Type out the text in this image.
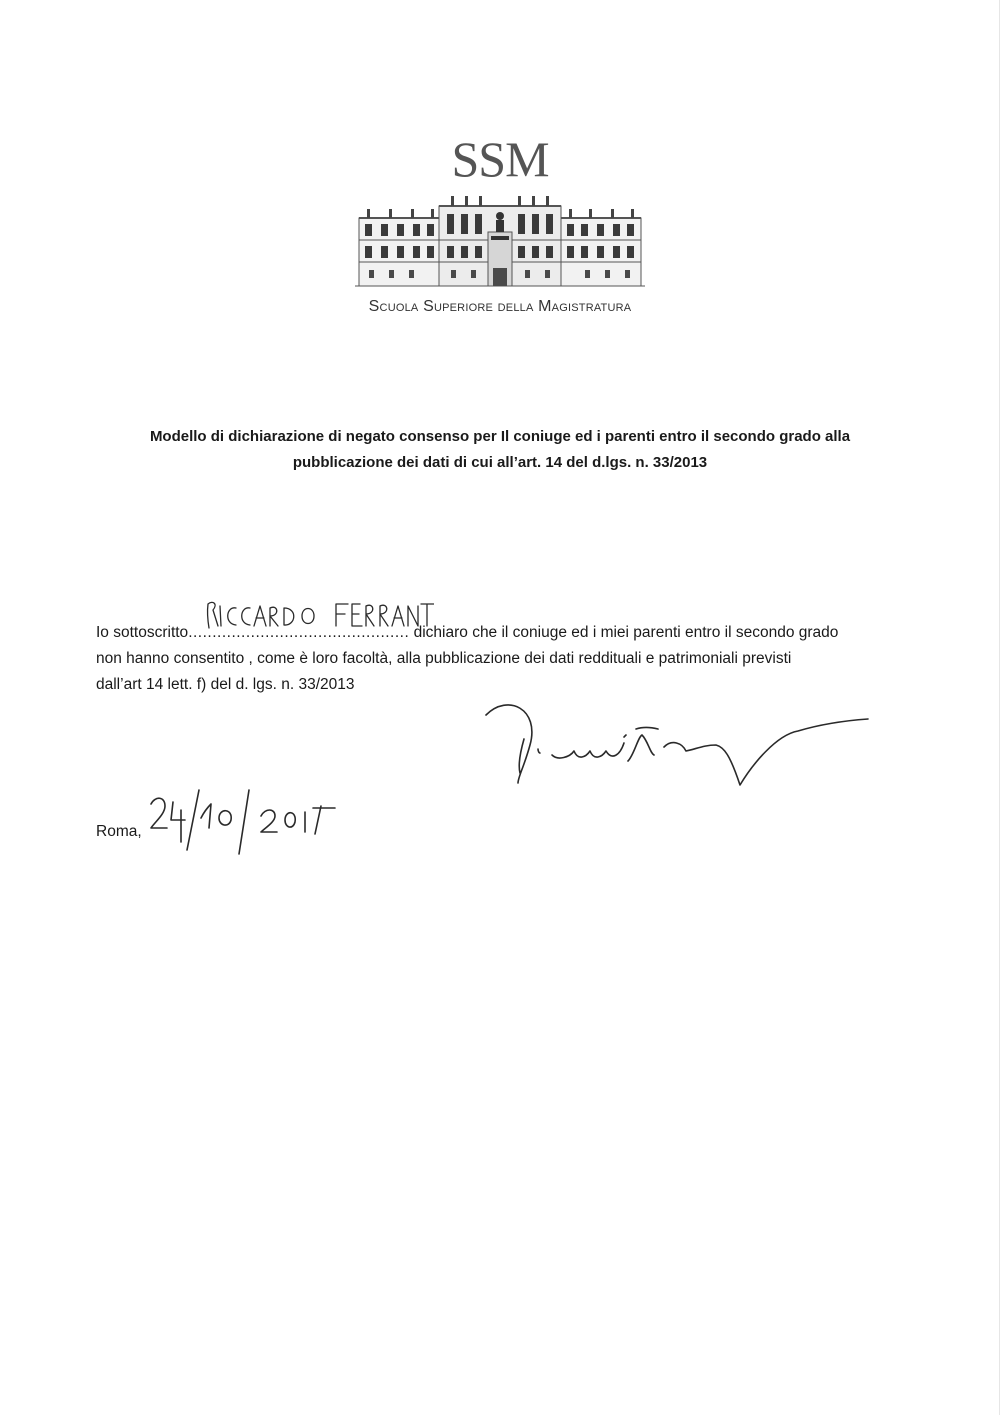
SSM
Scuola Superiore della Magistratura
Modello di dichiarazione di negato consenso per Il coniuge ed i parenti entro il secondo grado alla
pubblicazione dei dati di cui all’art. 14 del d.lgs. n. 33/2013
Io sottoscritto.............................................. dichiaro che il coniuge ed i miei parenti entro il secondo grado
non hanno consentito , come è loro facoltà, alla pubblicazione dei dati reddituali e patrimoniali previsti
dall’art 14 lett. f) del d. lgs. n. 33/2013
Roma,
